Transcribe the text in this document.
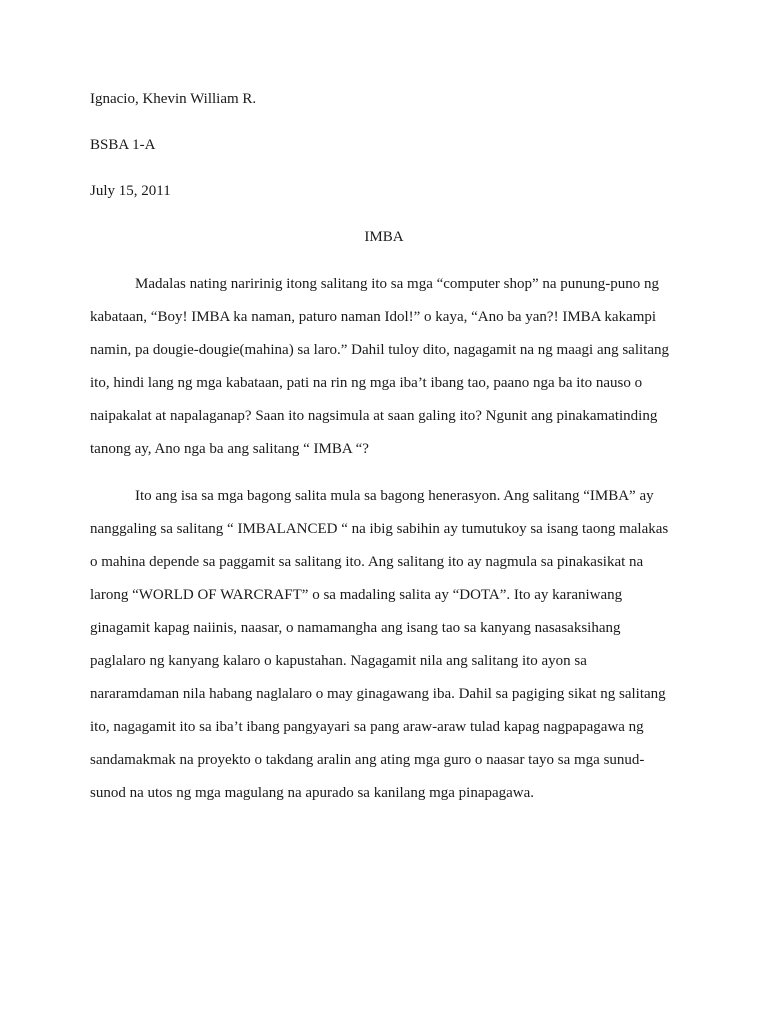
Ignacio, Khevin William R.
BSBA 1-A
July 15, 2011
IMBA
Madalas nating naririnig itong salitang ito sa mga “computer shop” na punung-puno ng
kabataan, “Boy! IMBA ka naman, paturo naman Idol!” o kaya, “Ano ba yan?! IMBA kakampi
namin, pa dougie-dougie(mahina) sa laro.” Dahil tuloy dito, nagagamit na ng maagi ang salitang
ito, hindi lang ng mga kabataan, pati na rin ng mga iba’t ibang tao, paano nga ba ito nauso o
naipakalat at napalaganap? Saan ito nagsimula at saan galing ito? Ngunit ang pinakamatinding
tanong ay, Ano nga ba ang salitang “ IMBA “?
Ito ang isa sa mga bagong salita mula sa bagong henerasyon. Ang salitang “IMBA” ay
nanggaling sa salitang “ IMBALANCED “ na ibig sabihin ay tumutukoy sa isang taong malakas
o mahina depende sa paggamit sa salitang ito. Ang salitang ito ay nagmula sa pinakasikat na
larong “WORLD OF WARCRAFT” o sa madaling salita ay “DOTA”. Ito ay karaniwang
ginagamit kapag naiinis, naasar, o namamangha ang isang tao sa kanyang nasasaksihang
paglalaro ng kanyang kalaro o kapustahan. Nagagamit nila ang salitang ito ayon sa
nararamdaman nila habang naglalaro o may ginagawang iba. Dahil sa pagiging sikat ng salitang
ito, nagagamit ito sa iba’t ibang pangyayari sa pang araw-araw tulad kapag nagpapagawa ng
sandamakmak na proyekto o takdang aralin ang ating mga guro o naasar tayo sa mga sunud-
sunod na utos ng mga magulang na apurado sa kanilang mga pinapagawa.
